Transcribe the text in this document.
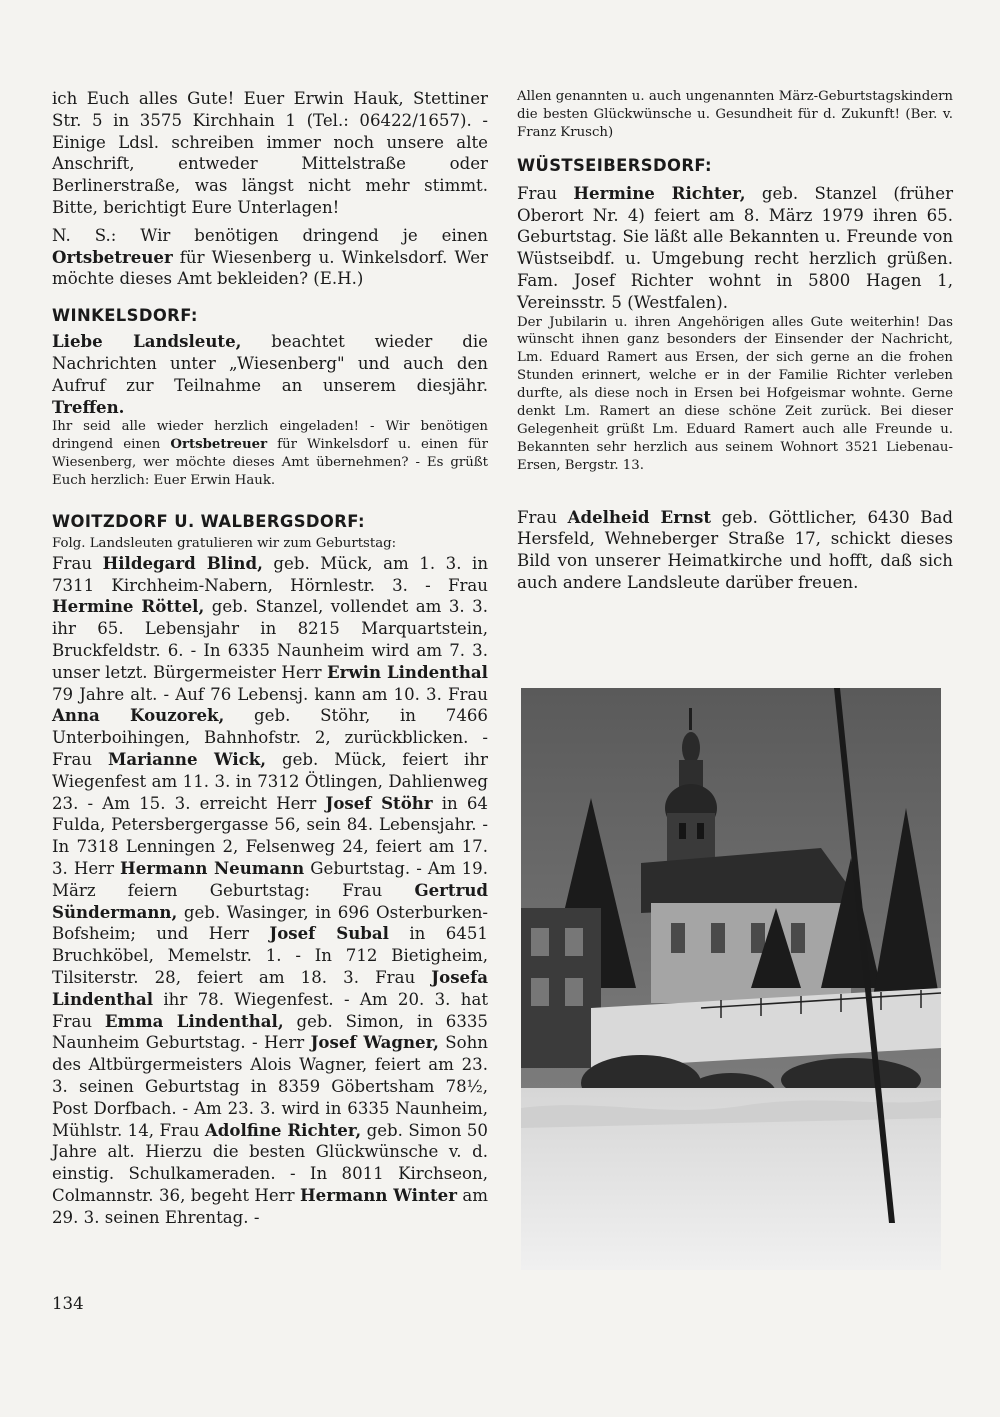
ich Euch alles Gute! Euer Erwin Hauk, Stettiner Str. 5 in 3575 Kirchhain 1 (Tel.: 06422/1657). - Einige Ldsl. schreiben immer noch unsere alte Anschrift, entweder Mittelstraße oder Berlinerstraße, was längst nicht mehr stimmt. Bitte, berichtigt Eure Unterlagen!

N. S.: Wir benötigen dringend je einen Ortsbetreuer für Wiesenberg u. Winkelsdorf. Wer möchte dieses Amt bekleiden? (E.H.)

WINKELSDORF:

Liebe Landsleute, beachtet wieder die Nachrichten unter „Wiesenberg" und auch den Aufruf zur Teilnahme an unserem diesjähr. Treffen.

Ihr seid alle wieder herzlich eingeladen! - Wir benötigen dringend einen Ortsbetreuer für Winkelsdorf u. einen für Wiesenberg, wer möchte dieses Amt übernehmen? - Es grüßt Euch herzlich: Euer Erwin Hauk.

WOITZDORF U. WALBERGSDORF:

Folg. Landsleuten gratulieren wir zum Geburtstag:

Frau Hildegard Blind, geb. Mück, am 1. 3. in 7311 Kirchheim-Nabern, Hörnlestr. 3. - Frau Hermine Röttel, geb. Stanzel, vollendet am 3. 3. ihr 65. Lebensjahr in 8215 Marquartstein, Bruckfeldstr. 6. - In 6335 Naunheim wird am 7. 3. unser letzt. Bürgermeister Herr Erwin Lindenthal 79 Jahre alt. - Auf 76 Lebensj. kann am 10. 3. Frau Anna Kouzorek, geb. Stöhr, in 7466 Unterboihingen, Bahnhofstr. 2, zurückblicken. - Frau Marianne Wick, geb. Mück, feiert ihr Wiegenfest am 11. 3. in 7312 Ötlingen, Dahlienweg 23. - Am 15. 3. erreicht Herr Josef Stöhr in 64 Fulda, Petersbergergasse 56, sein 84. Lebensjahr. - In 7318 Lenningen 2, Felsenweg 24, feiert am 17. 3. Herr Hermann Neumann Geburtstag. - Am 19. März feiern Geburtstag: Frau Gertrud Sündermann, geb. Wasinger, in 696 Osterburken-Bofsheim; und Herr Josef Subal in 6451 Bruchköbel, Memelstr. 1. - In 712 Bietigheim, Tilsiterstr. 28, feiert am 18. 3. Frau Josefa Lindenthal ihr 78. Wiegenfest. - Am 20. 3. hat Frau Emma Lindenthal, geb. Simon, in 6335 Naunheim Geburtstag. - Herr Josef Wagner, Sohn des Altbürgermeisters Alois Wagner, feiert am 23. 3. seinen Geburtstag in 8359 Göbertsham 78½, Post Dorfbach. - Am 23. 3. wird in 6335 Naunheim, Mühlstr. 14, Frau Adolfine Richter, geb. Simon 50 Jahre alt. Hierzu die besten Glückwünsche v. d. einstig. Schulkameraden. - In 8011 Kirchseon, Colmannstr. 36, begeht Herr Hermann Winter am 29. 3. seinen Ehrentag. -

Allen genannten u. auch ungenannten März-Geburtstagskindern die besten Glückwünsche u. Gesundheit für d. Zukunft! (Ber. v. Franz Krusch)

WÜSTSEIBERSDORF:

Frau Hermine Richter, geb. Stanzel (früher Oberort Nr. 4) feiert am 8. März 1979 ihren 65. Geburtstag. Sie läßt alle Bekannten u. Freunde von Wüstseibdf. u. Umgebung recht herzlich grüßen. Fam. Josef Richter wohnt in 5800 Hagen 1, Vereinsstr. 5 (Westfalen).

Der Jubilarin u. ihren Angehörigen alles Gute weiterhin! Das wünscht ihnen ganz besonders der Einsender der Nachricht, Lm. Eduard Ramert aus Ersen, der sich gerne an die frohen Stunden erinnert, welche er in der Familie Richter verleben durfte, als diese noch in Ersen bei Hofgeismar wohnte. Gerne denkt Lm. Ramert an diese schöne Zeit zurück. Bei dieser Gelegenheit grüßt Lm. Eduard Ramert auch alle Freunde u. Bekannten sehr herzlich aus seinem Wohnort 3521 Liebenau-Ersen, Bergstr. 13.

Frau Adelheid Ernst geb. Göttlicher, 6430 Bad Hersfeld, Wehneberger Straße 17, schickt dieses Bild von unserer Heimatkirche und hofft, daß sich auch andere Landsleute darüber freuen.

134
